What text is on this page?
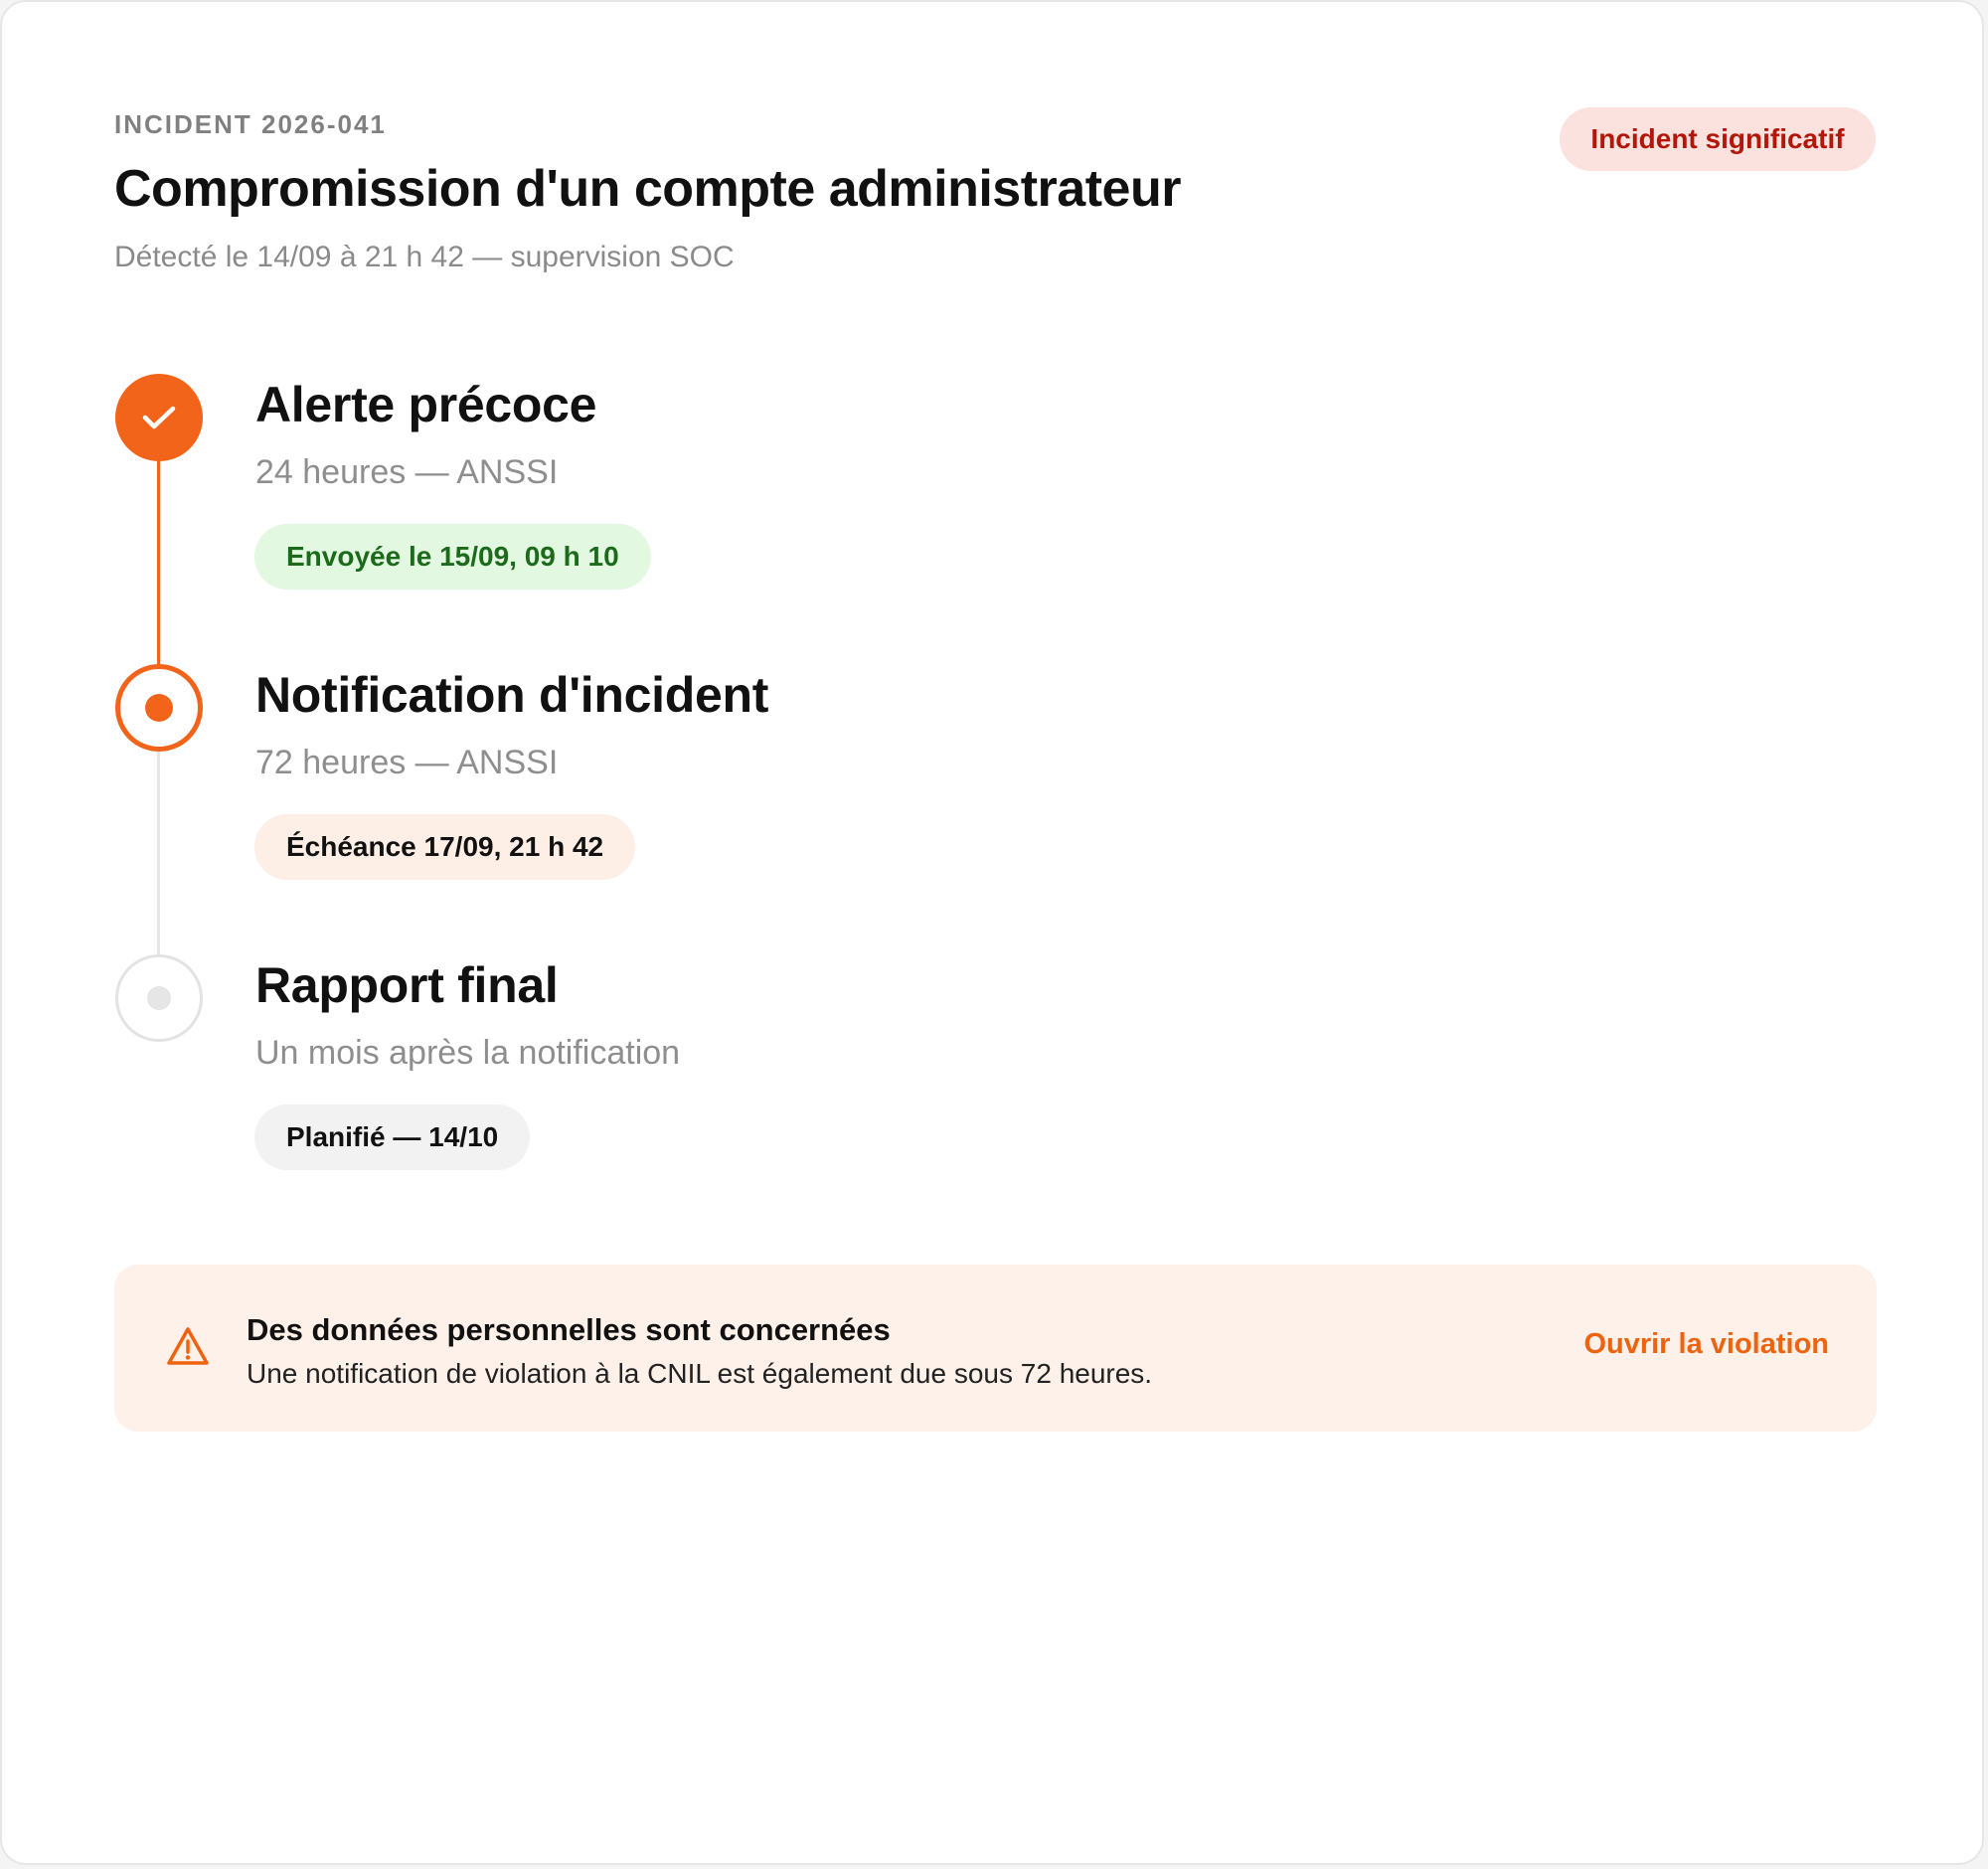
INCIDENT 2026-041
Compromission d'un compte administrateur
Détecté le 14/09 à 21 h 42 — supervision SOC
Incident significatif
Alerte précoce
24 heures — ANSSI
Envoyée le 15/09, 09 h 10
Notification d'incident
72 heures — ANSSI
Échéance 17/09, 21 h 42
Rapport final
Un mois après la notification
Planifié — 14/10
Des données personnelles sont concernées
Une notification de violation à la CNIL est également due sous 72 heures.
Ouvrir la violation
